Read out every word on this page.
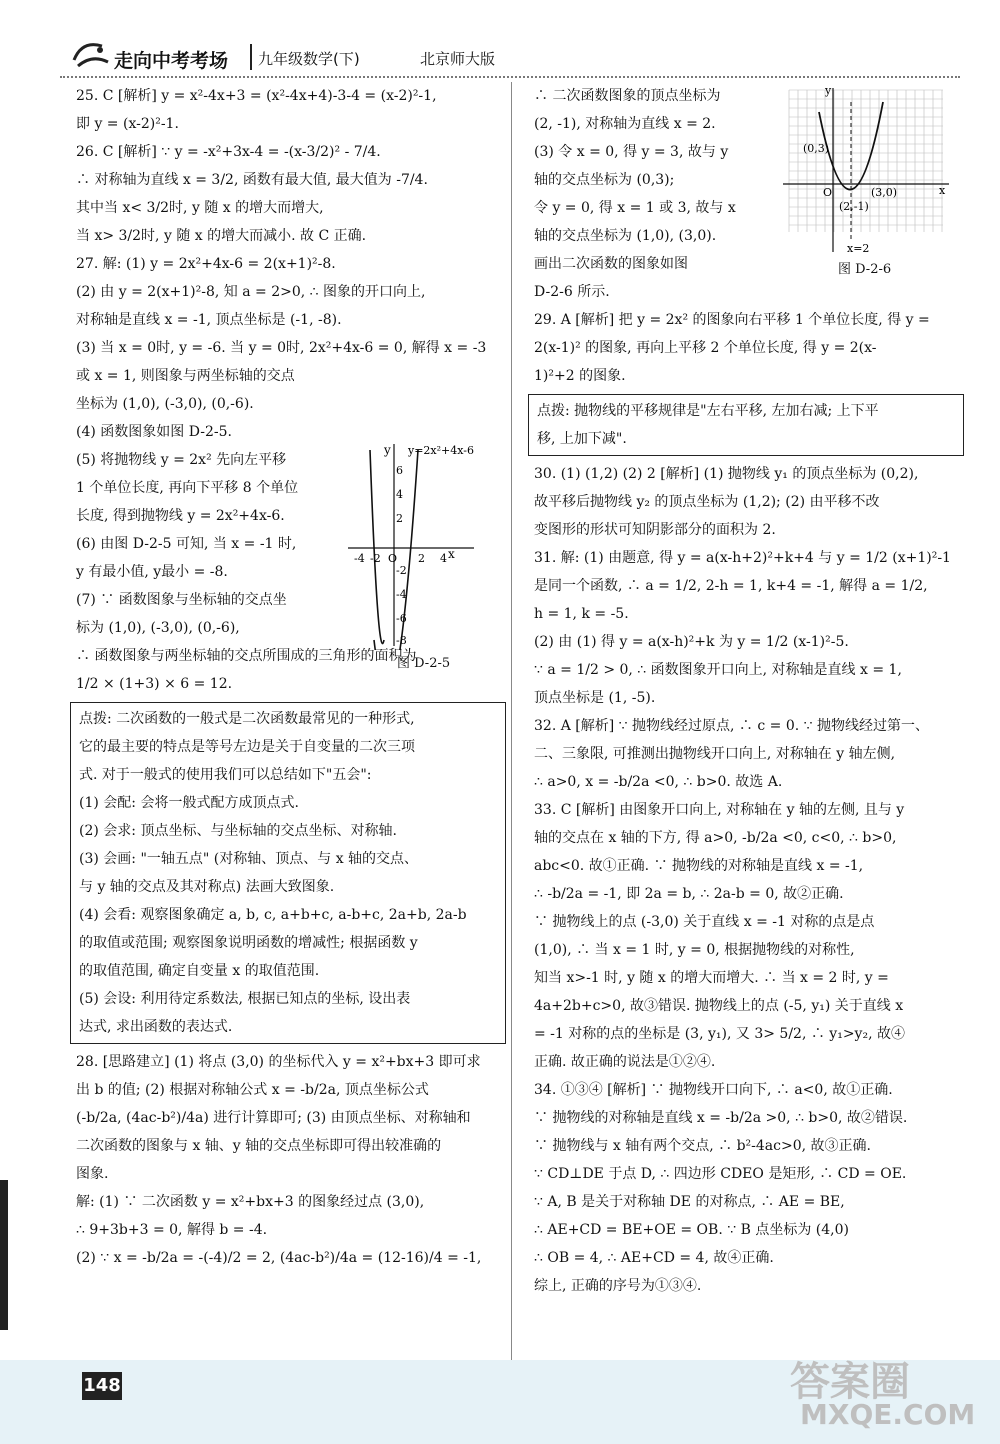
走向中考考场 九年级数学(下)	北京师大版
25. C [解析] y = x²-4x+3 = (x²-4x+4)-3-4 = (x-2)²-1,
即 y = (x-2)²-1.
26. C [解析] ∵ y = -x²+3x-4 = -(x-3/2)² - 7/4.
∴ 对称轴为直线 x = 3/2, 函数有最大值, 最大值为 -7/4.
其中当 x< 3/2时, y 随 x 的增大而增大,
当 x> 3/2时, y 随 x 的增大而减小. 故 C 正确.
27. 解: (1) y = 2x²+4x-6 = 2(x+1)²-8.
(2) 由 y = 2(x+1)²-8, 知 a = 2>0, ∴ 图象的开口向上,
对称轴是直线 x = -1, 顶点坐标是 (-1, -8).
(3) 当 x = 0时, y = -6. 当 y = 0时, 2x²+4x-6 = 0, 解得 x = -3
或 x = 1, 则图象与两坐标轴的交点
坐标为 (1,0), (-3,0), (0,-6).
(4) 函数图象如图 D-2-5.
(5) 将抛物线 y = 2x² 先向左平移
1 个单位长度, 再向下平移 8 个单位
长度, 得到抛物线 y = 2x²+4x-6.
(6) 由图 D-2-5 可知, 当 x = -1 时,
y 有最小值, y最小 = -8.
(7) ∵ 函数图象与坐标轴的交点坐
标为 (1,0), (-3,0), (0,-6),
∴ 函数图象与两坐标轴的交点所围成的三角形的面积为
1/2 × (1+3) × 6 = 12.
点拨: 二次函数的一般式是二次函数最常见的一种形式,
它的最主要的特点是等号左边是关于自变量的二次三项
式. 对于一般式的使用我们可以总结如下"五会":
(1) 会配: 会将一般式配方成顶点式.
(2) 会求: 顶点坐标、与坐标轴的交点坐标、对称轴.
(3) 会画: "一轴五点" (对称轴、顶点、与 x 轴的交点、
与 y 轴的交点及其对称点) 法画大致图象.
(4) 会看: 观察图象确定 a, b, c, a+b+c, a-b+c, 2a+b, 2a-b
的取值或范围; 观察图象说明函数的增减性; 根据函数 y
的取值范围, 确定自变量 x 的取值范围.
(5) 会设: 利用待定系数法, 根据已知点的坐标, 设出表
达式, 求出函数的表达式.
28. [思路建立] (1) 将点 (3,0) 的坐标代入 y = x²+bx+3 即可求
出 b 的值; (2) 根据对称轴公式 x = -b/2a, 顶点坐标公式
(-b/2a, (4ac-b²)/4a) 进行计算即可; (3) 由顶点坐标、对称轴和
二次函数的图象与 x 轴、y 轴的交点坐标即可得出较准确的
图象.
解: (1) ∵ 二次函数 y = x²+bx+3 的图象经过点 (3,0),
∴ 9+3b+3 = 0, 解得 b = -4.
(2) ∵ x = -b/2a = -(-4)/2 = 2, (4ac-b²)/4a = (12-16)/4 = -1,
∴ 二次函数图象的顶点坐标为
(2, -1), 对称轴为直线 x = 2.
(3) 令 x = 0, 得 y = 3, 故与 y
轴的交点坐标为 (0,3);
令 y = 0, 得 x = 1 或 3, 故与 x
轴的交点坐标为 (1,0), (3,0).
画出二次函数的图象如图
D-2-6 所示.
29. A [解析] 把 y = 2x² 的图象向右平移 1 个单位长度, 得 y =
2(x-1)² 的图象, 再向上平移 2 个单位长度, 得 y = 2(x-
1)²+2 的图象.
点拨: 抛物线的平移规律是"左右平移, 左加右减; 上下平
移, 上加下减".
30. (1) (1,2) (2) 2 [解析] (1) 抛物线 y₁ 的顶点坐标为 (0,2),
故平移后抛物线 y₂ 的顶点坐标为 (1,2); (2) 由平移不改
变图形的形状可知阴影部分的面积为 2.
31. 解: (1) 由题意, 得 y = a(x-h+2)²+k+4 与 y = 1/2 (x+1)²-1
是同一个函数, ∴ a = 1/2, 2-h = 1, k+4 = -1, 解得 a = 1/2,
h = 1, k = -5.
(2) 由 (1) 得 y = a(x-h)²+k 为 y = 1/2 (x-1)²-5.
∵ a = 1/2 > 0, ∴ 函数图象开口向上, 对称轴是直线 x = 1,
顶点坐标是 (1, -5).
32. A [解析] ∵ 抛物线经过原点, ∴ c = 0. ∵ 抛物线经过第一、
二、三象限, 可推测出抛物线开口向上, 对称轴在 y 轴左侧,
∴ a>0, x = -b/2a <0, ∴ b>0. 故选 A.
33. C [解析] 由图象开口向上, 对称轴在 y 轴的左侧, 且与 y
轴的交点在 x 轴的下方, 得 a>0, -b/2a <0, c<0, ∴ b>0,
abc<0. 故①正确. ∵ 抛物线的对称轴是直线 x = -1,
∴ -b/2a = -1, 即 2a = b, ∴ 2a-b = 0, 故②正确.
∵ 抛物线上的点 (-3,0) 关于直线 x = -1 对称的点是点
(1,0), ∴ 当 x = 1 时, y = 0, 根据抛物线的对称性,
知当 x>-1 时, y 随 x 的增大而增大. ∴ 当 x = 2 时, y =
4a+2b+c>0, 故③错误. 抛物线上的点 (-5, y₁) 关于直线 x
= -1 对称的点的坐标是 (3, y₁), 又 3> 5/2, ∴ y₁>y₂, 故④
正确. 故正确的说法是①②④.
34. ①③④ [解析] ∵ 抛物线开口向下, ∴ a<0, 故①正确.
∵ 抛物线的对称轴是直线 x = -b/2a >0, ∴ b>0, 故②错误.
∵ 抛物线与 x 轴有两个交点, ∴ b²-4ac>0, 故③正确.
∵ CD⊥DE 于点 D, ∴ 四边形 CDEO 是矩形, ∴ CD = OE.
∵ A, B 是关于对称轴 DE 的对称点, ∴ AE = BE,
∴ AE+CD = BE+OE = OB. ∵ B 点坐标为 (4,0)
∴ OB = 4, ∴ AE+CD = 4, 故④正确.
综上, 正确的序号为①③④.
x
y y=2x²+4x-6
-4 -2 O 2 4
6
4
2
-2
-4
-6
-8
图 D-2-5
(0,3)
O	(3,0)
(2,-1)
x=2
x
y
图 D-2-6
148	答案圈
MXQE.COM
